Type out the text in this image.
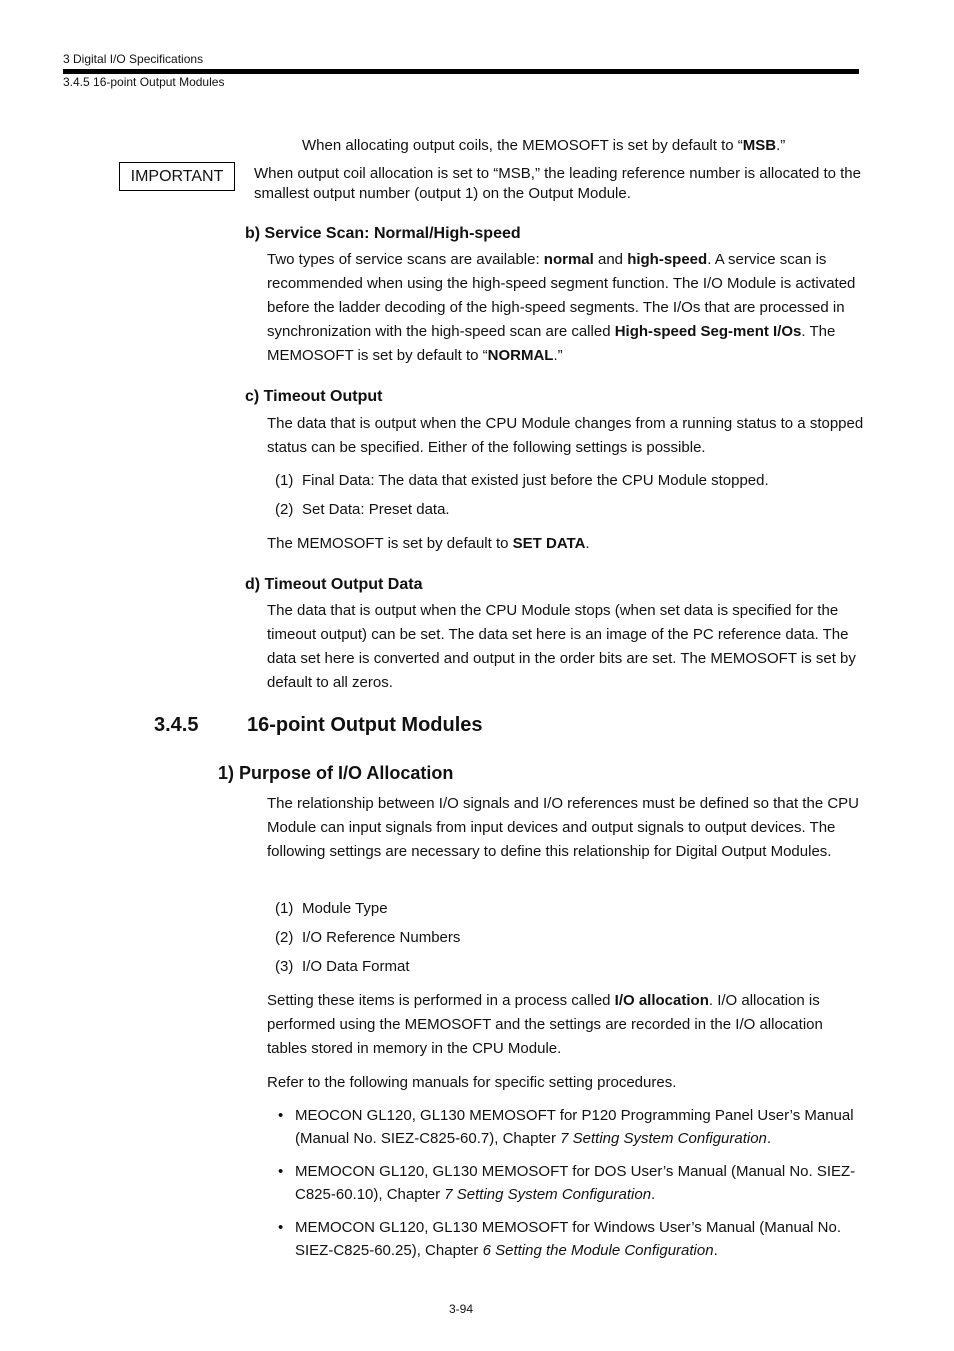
3 Digital I/O Specifications
3.4.5 16-point Output Modules
When allocating output coils, the MEMOSOFT is set by default to “MSB.”
IMPORTANT	When output coil allocation is set to “MSB,” the leading reference number is allocated to the smallest output number (output 1) on the Output Module.
b) Service Scan: Normal/High-speed
Two types of service scans are available: normal and high-speed. A service scan is recommended when using the high-speed segment function. The I/O Module is activated before the ladder decoding of the high-speed segments. The I/Os that are processed in synchronization with the high-speed scan are called High-speed Seg-ment I/Os. The MEMOSOFT is set by default to “NORMAL.”
c) Timeout Output
The data that is output when the CPU Module changes from a running status to a stopped status can be specified. Either of the following settings is possible.
(1) Final Data: The data that existed just before the CPU Module stopped.
(2) Set Data: Preset data.
The MEMOSOFT is set by default to SET DATA.
d) Timeout Output Data
The data that is output when the CPU Module stops (when set data is specified for the timeout output) can be set. The data set here is an image of the PC reference data. The data set here is converted and output in the order bits are set. The MEMOSOFT is set by default to all zeros.
3.4.5 16-point Output Modules
1) Purpose of I/O Allocation
The relationship between I/O signals and I/O references must be defined so that the CPU Module can input signals from input devices and output signals to output devices. The following settings are necessary to define this relationship for Digital Output Modules.
(1) Module Type
(2) I/O Reference Numbers
(3) I/O Data Format
Setting these items is performed in a process called I/O allocation. I/O allocation is performed using the MEMOSOFT and the settings are recorded in the I/O allocation tables stored in memory in the CPU Module.
Refer to the following manuals for specific setting procedures.
• MEOCON GL120, GL130 MEMOSOFT for P120 Programming Panel User’s Manual (Manual No. SIEZ-C825-60.7), Chapter 7 Setting System Configuration.
• MEMOCON GL120, GL130 MEMOSOFT for DOS User’s Manual (Manual No. SIEZ-C825-60.10), Chapter 7 Setting System Configuration.
• MEMOCON GL120, GL130 MEMOSOFT for Windows User’s Manual (Manual No. SIEZ-C825-60.25), Chapter 6 Setting the Module Configuration.
3-94
